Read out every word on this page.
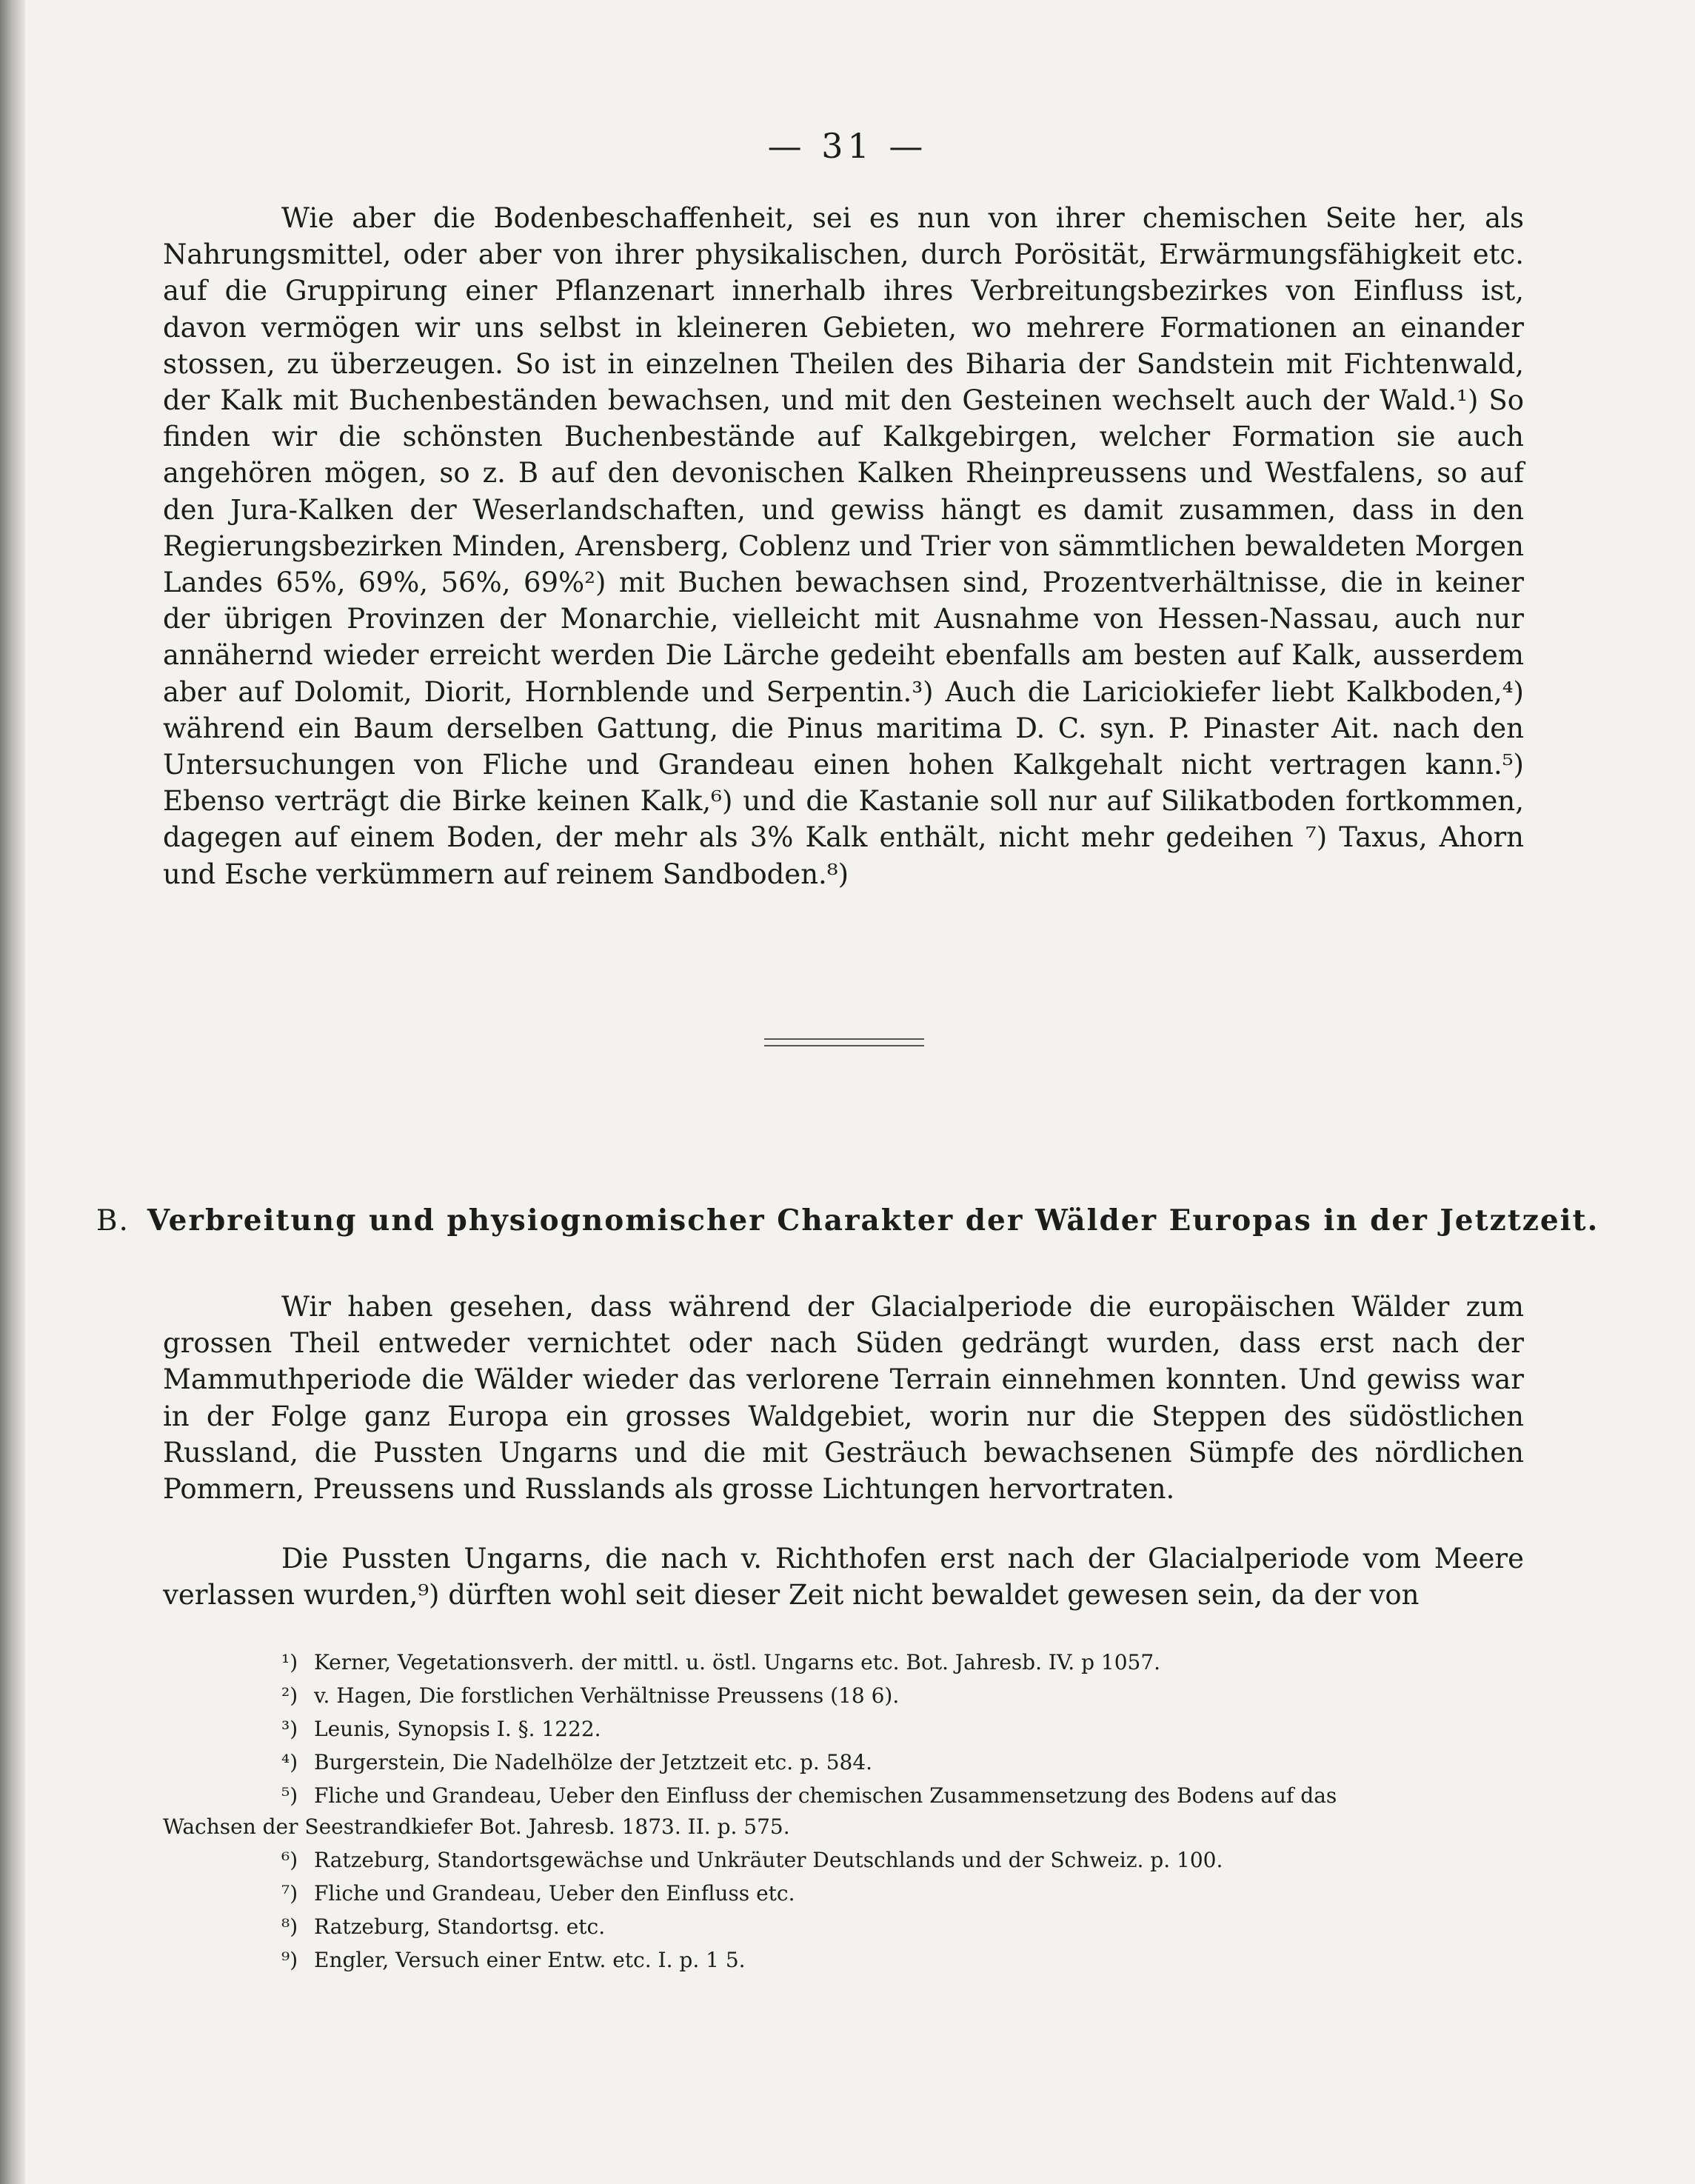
— 31 —

Wie aber die Bodenbeschaffenheit, sei es nun von ihrer chemischen Seite her, als Nahrungsmittel, oder aber von ihrer physikalischen, durch Porösität, Erwärmungsfähigkeit etc. auf die Gruppirung einer Pflanzenart innerhalb ihres Verbreitungsbezirkes von Einfluss ist, davon vermögen wir uns selbst in kleineren Gebieten, wo mehrere Formationen an einander stossen, zu überzeugen. So ist in einzelnen Theilen des Biharia der Sandstein mit Fichtenwald, der Kalk mit Buchenbeständen bewachsen, und mit den Gesteinen wechselt auch der Wald.¹) So finden wir die schönsten Buchenbestände auf Kalkgebirgen, welcher Formation sie auch angehören mögen, so z. B auf den devonischen Kalken Rheinpreussens und Westfalens, so auf den Jura-Kalken der Weserlandschaften, und gewiss hängt es damit zusammen, dass in den Regierungsbezirken Minden, Arensberg, Coblenz und Trier von sämmtlichen bewaldeten Morgen Landes 65%, 69%, 56%, 69%²) mit Buchen bewachsen sind, Prozentverhältnisse, die in keiner der übrigen Provinzen der Monarchie, vielleicht mit Ausnahme von Hessen-Nassau, auch nur annähernd wieder erreicht werden Die Lärche gedeiht ebenfalls am besten auf Kalk, ausserdem aber auf Dolomit, Diorit, Hornblende und Serpentin.³) Auch die Lariciokiefer liebt Kalkboden,⁴) während ein Baum derselben Gattung, die Pinus maritima D. C. syn. P. Pinaster Ait. nach den Untersuchungen von Fliche und Grandeau einen hohen Kalkgehalt nicht vertragen kann.⁵) Ebenso verträgt die Birke keinen Kalk,⁶) und die Kastanie soll nur auf Silikatboden fortkommen, dagegen auf einem Boden, der mehr als 3% Kalk enthält, nicht mehr gedeihen ⁷) Taxus, Ahorn und Esche verkümmern auf reinem Sandboden.⁸)

B. Verbreitung und physiognomischer Charakter der Wälder Europas in der Jetztzeit.

Wir haben gesehen, dass während der Glacialperiode die europäischen Wälder zum grossen Theil entweder vernichtet oder nach Süden gedrängt wurden, dass erst nach der Mammuthperiode die Wälder wieder das verlorene Terrain einnehmen konnten. Und gewiss war in der Folge ganz Europa ein grosses Waldgebiet, worin nur die Steppen des südöstlichen Russland, die Pussten Ungarns und die mit Gesträuch bewachsenen Sümpfe des nördlichen Pommern, Preussens und Russlands als grosse Lichtungen hervortraten.

Die Pussten Ungarns, die nach v. Richthofen erst nach der Glacialperiode vom Meere verlassen wurden,⁹) dürften wohl seit dieser Zeit nicht bewaldet gewesen sein, da der von

¹) Kerner, Vegetationsverh. der mittl. u. östl. Ungarns etc. Bot. Jahresb. IV. p 1057.
²) v. Hagen, Die forstlichen Verhältnisse Preussens (18 6).
³) Leunis, Synopsis I. §. 1222.
⁴) Burgerstein, Die Nadelhölze der Jetztzeit etc. p. 584.
⁵) Fliche und Grandeau, Ueber den Einfluss der chemischen Zusammensetzung des Bodens auf das
Wachsen der Seestrandkiefer Bot. Jahresb. 1873. II. p. 575.
⁶) Ratzeburg, Standortsgewächse und Unkräuter Deutschlands und der Schweiz. p. 100.
⁷) Fliche und Grandeau, Ueber den Einfluss etc.
⁸) Ratzeburg, Standortsg. etc.
⁹) Engler, Versuch einer Entw. etc. I. p. 1 5.
